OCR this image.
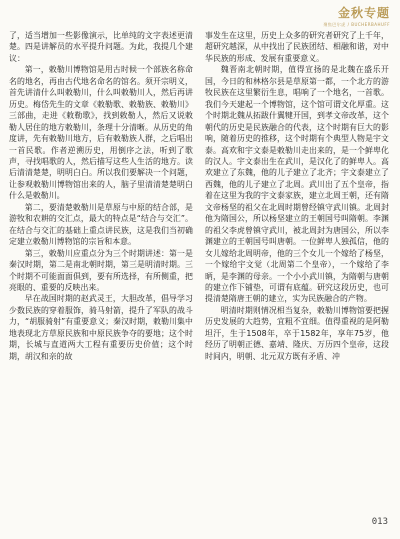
金秋专题
聚焦巴尔虎 / BUCHERBAHUFF

了，适当增加一些影像演示，比单纯的文字表述更清楚。四是讲解员的水平提升问题。为此，我提几个建议：

第一，敕勒川博物馆是用古时候一个部族名称命名的地名，再由古代地名命名的馆名。须开宗明义，首先讲清什么叫敕勒川，什么叫敕勒川人，然后再讲历史。梅岱先生的文章《敕勒歌、敕勒族、敕勒川》三部曲，走进《敕勒歌》，找到敕勒人，然后又说敕勒人居住的地方敕勒川，条理十分清晰。从历史的角度讲，先有敕勒川地方，后有敕勒族人群，之后唱出一首民歌。作者逆溯历史，用倒序之法，听到了歌声，寻找唱歌的人，然后描写这些人生活的地方。读后清清楚楚，明明白白。所以我们要解决一个问题，让参观敕勒川博物馆出来的人，脑子里清清楚楚明白什么是敕勒川。

第二，要清楚敕勒川是草原与中原的结合部，是游牧和农耕的交汇点，最大的特点是“结合与交汇”。在结合与交汇的基础上重点讲民族，这是我们当初确定建立敕勒川博物馆的宗旨和本意。

第三，敕勒川应重点分为三个时期讲述：第一是秦汉时期，第二是南北朝时期，第三是明清时期。三个时期不可能面面俱到，要有所选择，有所侧重，把亮眼的、重要的反映出来。

早在战国时期的赵武灵王，大胆改革，倡导学习少数民族的穿着服饰，骑马射箭，提升了军队的战斗力，“胡服骑射”有重要意义；秦汉时期，敕勒川集中地表现北方草原民族和中原民族争夺的要地；这个时期，长城与直道两大工程有重要历史价值；这个时期，胡汉和亲的故

事发生在这里，历史上众多的研究者研究了上千年，超研究越深，从中找出了民族团结、相融和谐，对中华民族的形成、发展有重要意义。

魏晋南北朝时期，值得宣扬的是北魏在盛乐开国，今日的和林格尔县是草原第一都，一个北方的游牧民族在这里繁衍生息，唱响了一个地名，一首歌。我们今天建起一个博物馆，这个馆可谓文化厚重。这个时期北魏从拓跋什翼犍开国，到孝文帝改革，这个朝代的历史是民族融合的代表，这个时期有巨大的影响，随着历史的推移，这个时期有个典型人物是宇文泰。高欢和宇文泰是敕勒川走出来的，是一个鲜卑化的汉人。宇文泰出生在武川，是汉化了的鲜卑人。高欢建立了东魏，他的儿子建立了北齐；宇文泰建立了西魏，他的儿子建立了北周。武川出了五个皇帝，指着在这里为我的宇文泰家族，建立北周王朝，还有隋文帝杨坚的祖父在北周时期曾经镇守武川镇。北周封他为隋国公，所以杨坚建立的王朝国号叫隋朝。李渊的祖父李虎曾镇守武川，被北周封为唐国公，所以李渊建立的王朝国号叫唐朝。一位鲜卑人独孤信，他的女儿嫁给北周明帝，他的三个女儿一个嫁给了杨坚，一个嫁给宇文觉（北周第二个皇帝），一个嫁给了李昞，是李渊的母亲。一个小小武川镇，为隋朝与唐朝的建立作下铺垫，可谓有底蕴。研究这段历史，也可提清楚隋唐王朝的建立，实为民族融合的产物。

明清时期则情况相当复杂，敕勒川博物馆要把握历史发展的大趋势，宜粗不宜细。值得重视的是阿勒坦汗，生于1508年，卒于1582年，享年75岁，他经历了明朝正德、嘉靖、隆庆、万历四个皇帝，这段时间内，明朝、北元双方既有矛盾、冲

013
